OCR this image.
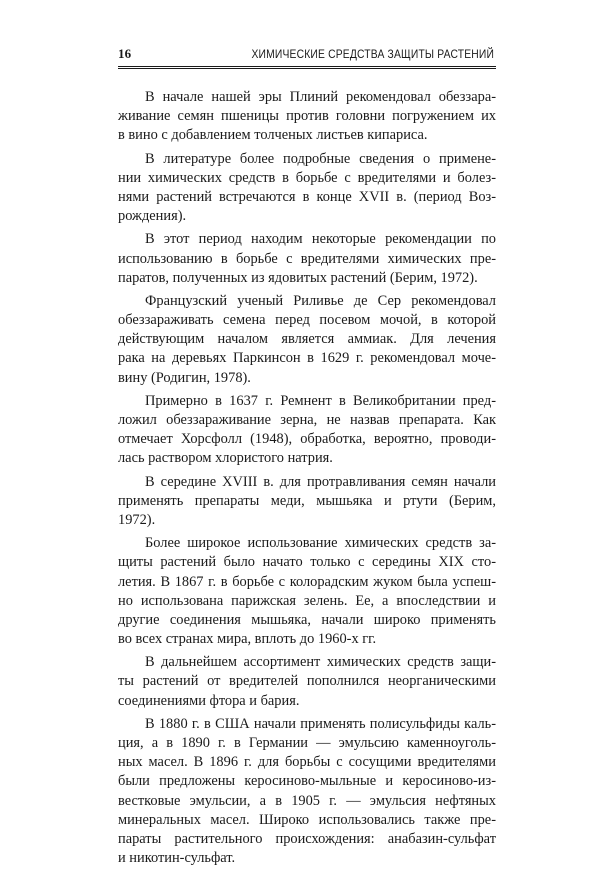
16	ХИМИЧЕСКИЕ СРЕДСТВА ЗАЩИТЫ РАСТЕНИЙ

В начале нашей эры Плиний рекомендовал обеззара-
живание семян пшеницы против головни погружением их
в вино с добавлением толченых листьев кипариса.

В литературе более подробные сведения о примене-
нии химических средств в борьбе с вредителями и болез-
нями растений встречаются в конце XVII в. (период Воз-
рождения).

В этот период находим некоторые рекомендации по
использованию в борьбе с вредителями химических пре-
паратов, полученных из ядовитых растений (Берим, 1972).

Французский ученый Риливье де Сер рекомендовал
обеззараживать семена перед посевом мочой, в которой
действующим началом является аммиак. Для лечения
рака на деревьях Паркинсон в 1629 г. рекомендовал моче-
вину (Родигин, 1978).

Примерно в 1637 г. Ремнент в Великобритании пред-
ложил обеззараживание зерна, не назвав препарата. Как
отмечает Хорсфолл (1948), обработка, вероятно, проводи-
лась раствором хлористого натрия.

В середине XVIII в. для протравливания семян начали
применять препараты меди, мышьяка и ртути (Берим,
1972).

Более широкое использование химических средств за-
щиты растений было начато только с середины XIX сто-
летия. В 1867 г. в борьбе с колорадским жуком была успеш-
но использована парижская зелень. Ее, а впоследствии и
другие соединения мышьяка, начали широко применять
во всех странах мира, вплоть до 1960-х гг.

В дальнейшем ассортимент химических средств защи-
ты растений от вредителей пополнился неорганическими
соединениями фтора и бария.

В 1880 г. в США начали применять полисульфиды каль-
ция, а в 1890 г. в Германии — эмульсию каменноуголь-
ных масел. В 1896 г. для борьбы с сосущими вредителями
были предложены керосиново-мыльные и керосиново-из-
вестковые эмульсии, а в 1905 г. — эмульсия нефтяных
минеральных масел. Широко использовались также пре-
параты растительного происхождения: анабазин-сульфат
и никотин-сульфат.
